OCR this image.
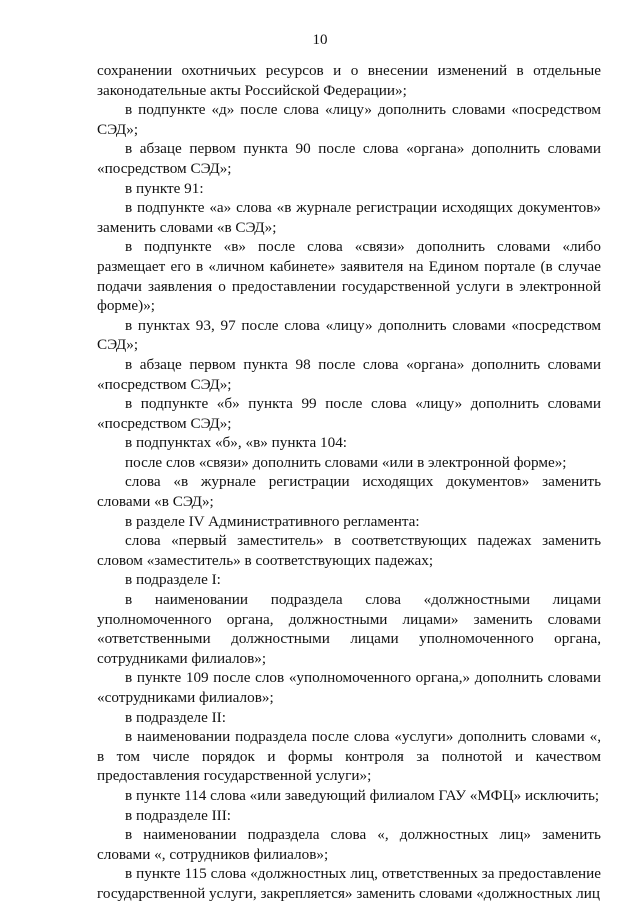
10

сохранении охотничьих ресурсов и о внесении изменений в отдельные законодательные акты Российской Федерации»;

в подпункте «д» после слова «лицу» дополнить словами «посредством СЭД»;

в абзаце первом пункта 90 после слова «органа» дополнить словами «посредством СЭД»;

в пункте 91:

в подпункте «а» слова «в журнале регистрации исходящих документов» заменить словами «в СЭД»;

в подпункте «в» после слова «связи» дополнить словами «либо размещает его в «личном кабинете» заявителя на Едином портале (в случае подачи заявления о предоставлении государственной услуги в электронной форме)»;

в пунктах 93, 97 после слова «лицу» дополнить словами «посредством СЭД»;

в абзаце первом пункта 98 после слова «органа» дополнить словами «посредством СЭД»;

в подпункте «б» пункта 99 после слова «лицу» дополнить словами «посредством СЭД»;

в подпунктах «б», «в» пункта 104:

после слов «связи» дополнить словами «или в электронной форме»;

слова «в журнале регистрации исходящих документов» заменить словами «в СЭД»;

в разделе IV Административного регламента:

слова «первый заместитель» в соответствующих падежах заменить словом «заместитель» в соответствующих падежах;

в подразделе I:

в наименовании подраздела слова «должностными лицами уполномоченного органа, должностными лицами» заменить словами «ответственными должностными лицами уполномоченного органа, сотрудниками филиалов»;

в пункте 109 после слов «уполномоченного органа,» дополнить словами «сотрудниками филиалов»;

в подразделе II:

в наименовании подраздела после слова «услуги» дополнить словами «, в том числе порядок и формы контроля за полнотой и качеством предоставления государственной услуги»;

в пункте 114 слова «или заведующий филиалом ГАУ «МФЦ» исключить;

в подразделе III:

в наименовании подраздела слова «, должностных лиц» заменить словами «, сотрудников филиалов»;

в пункте 115 слова «должностных лиц, ответственных за предоставление государственной услуги, закрепляется» заменить словами «должностных лиц
